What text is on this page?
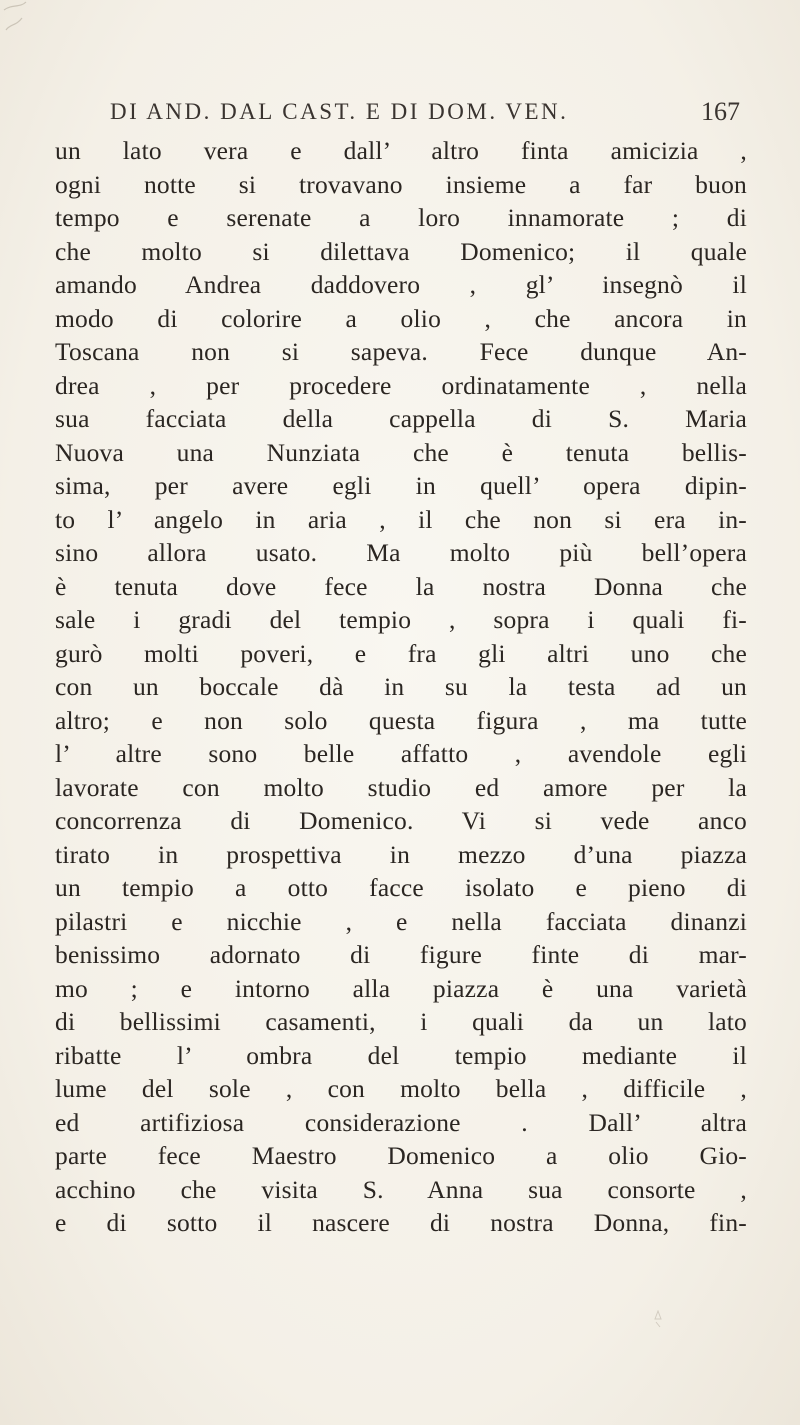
DI AND. DAL CAST. E DI DOM. VEN.	167
un lato vera e dall’ altro finta amicizia ,
ogni notte si trovavano insieme a far buon
tempo e serenate a loro innamorate ; di
che molto si dilettava Domenico; il quale
amando Andrea daddovero , gl’ insegnò il
modo di colorire a olio , che ancora in
Toscana non si sapeva. Fece dunque An-
drea , per procedere ordinatamente , nella
sua facciata della cappella di S. Maria
Nuova una Nunziata che è tenuta bellis-
sima, per avere egli in quell’ opera dipin-
to l’ angelo in aria , il che non si era in-
sino allora usato. Ma molto più bell’opera
è tenuta dove fece la nostra Donna che
sale i gradi del tempio , sopra i quali fi-
gurò molti poveri, e fra gli altri uno che
con un boccale dà in su la testa ad un
altro; e non solo questa figura , ma tutte
l’ altre sono belle affatto , avendole egli
lavorate con molto studio ed amore per la
concorrenza di Domenico. Vi si vede anco
tirato in prospettiva in mezzo d’una piazza
un tempio a otto facce isolato e pieno di
pilastri e nicchie , e nella facciata dinanzi
benissimo adornato di figure finte di mar-
mo ; e intorno alla piazza è una varietà
di bellissimi casamenti, i quali da un lato
ribatte l’ ombra del tempio mediante il
lume del sole , con molto bella , difficile ,
ed artifiziosa considerazione . Dall’ altra
parte fece Maestro Domenico a olio Gio-
acchino che visita S. Anna sua consorte ,
e di sotto il nascere di nostra Donna, fin-
